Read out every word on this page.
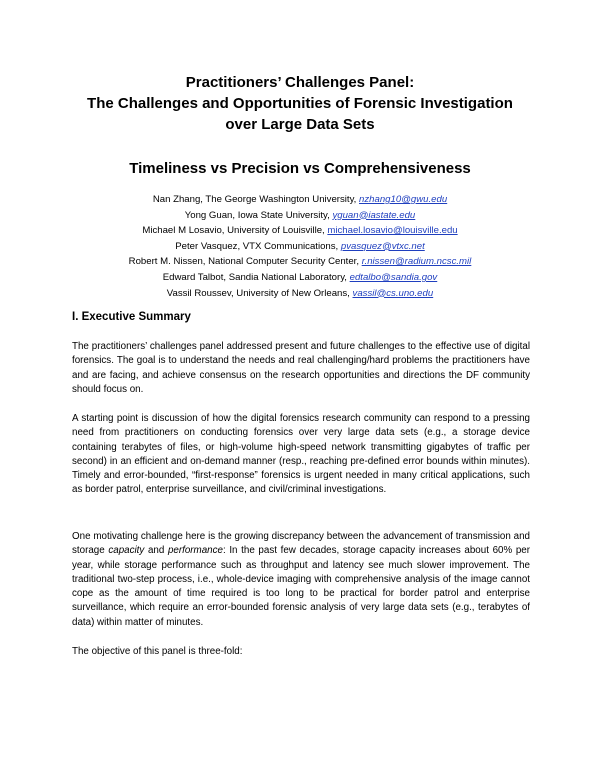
Practitioners’ Challenges Panel:
The Challenges and Opportunities of Forensic Investigation
over Large Data Sets
Timeliness vs Precision vs Comprehensiveness
Nan Zhang, The George Washington University, nzhang10@gwu.edu
Yong Guan, Iowa State University, yguan@iastate.edu
Michael M Losavio, University of Louisville, michael.losavio@louisville.edu
Peter Vasquez, VTX Communications, pvasquez@vtxc.net
Robert M. Nissen, National Computer Security Center, r.nissen@radium.ncsc.mil
Edward Talbot, Sandia National Laboratory, edtalbo@sandia.gov
Vassil Roussev, University of New Orleans, vassil@cs.uno.edu
I. Executive Summary
The practitioners’ challenges panel addressed present and future challenges to the effective use of digital forensics. The goal is to understand the needs and real challenging/hard problems the practitioners have and are facing, and achieve consensus on the research opportunities and directions the DF community should focus on.
A starting point is discussion of how the digital forensics research community can respond to a pressing need from practitioners on conducting forensics over very large data sets (e.g., a storage device containing terabytes of files, or high-volume high-speed network transmitting gigabytes of traffic per second) in an efficient and on-demand manner (resp., reaching pre-defined error bounds within minutes). Timely and error-bounded, “first-response” forensics is urgent needed in many critical applications, such as border patrol, enterprise surveillance, and civil/criminal investigations.
One motivating challenge here is the growing discrepancy between the advancement of transmission and storage capacity and performance: In the past few decades, storage capacity increases about 60% per year, while storage performance such as throughput and latency see much slower improvement. The traditional two-step process, i.e., whole-device imaging with comprehensive analysis of the image cannot cope as the amount of time required is too long to be practical for border patrol and enterprise surveillance, which require an error-bounded forensic analysis of very large data sets (e.g., terabytes of data) within matter of minutes.
The objective of this panel is three-fold:
